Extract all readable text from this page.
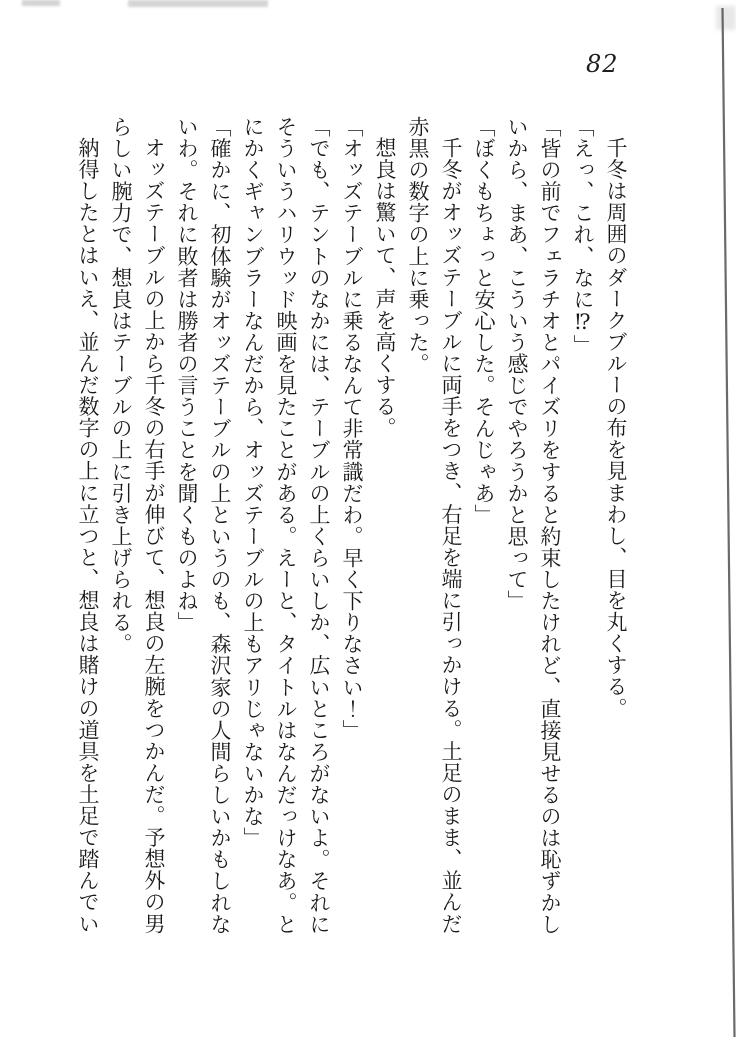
82

千冬は周囲のダークブルーの布を見まわし、目を丸くする。

「えっ、これ、なに⁉」

「皆の前でフェラチオとパイズリをすると約束したけれど、直接見せるのは恥ずかし

いから、まあ、こういう感じでやろうかと思って」

「ぼくもちょっと安心した。そんじゃあ」

千冬がオッズテーブルに両手をつき、右足を端に引っかける。土足のまま、並んだ

赤黒の数字の上に乗った。

想良は驚いて、声を高くする。

「オッズテーブルに乗るなんて非常識だわ。早く下りなさい！」

「でも、テントのなかには、テーブルの上くらいしか、広いところがないよ。それに

そういうハリウッド映画を見たことがある。えーと、タイトルはなんだっけなあ。と

にかくギャンブラーなんだから、オッズテーブルの上もアリじゃないかな」

「確かに、初体験がオッズテーブルの上というのも、森沢家の人間らしいかもしれな

いわ。それに敗者は勝者の言うことを聞くものよね」

オッズテーブルの上から千冬の右手が伸びて、想良の左腕をつかんだ。予想外の男

らしい腕力で、想良はテーブルの上に引き上げられる。

納得したとはいえ、並んだ数字の上に立つと、想良は賭けの道具を土足で踏んでい
